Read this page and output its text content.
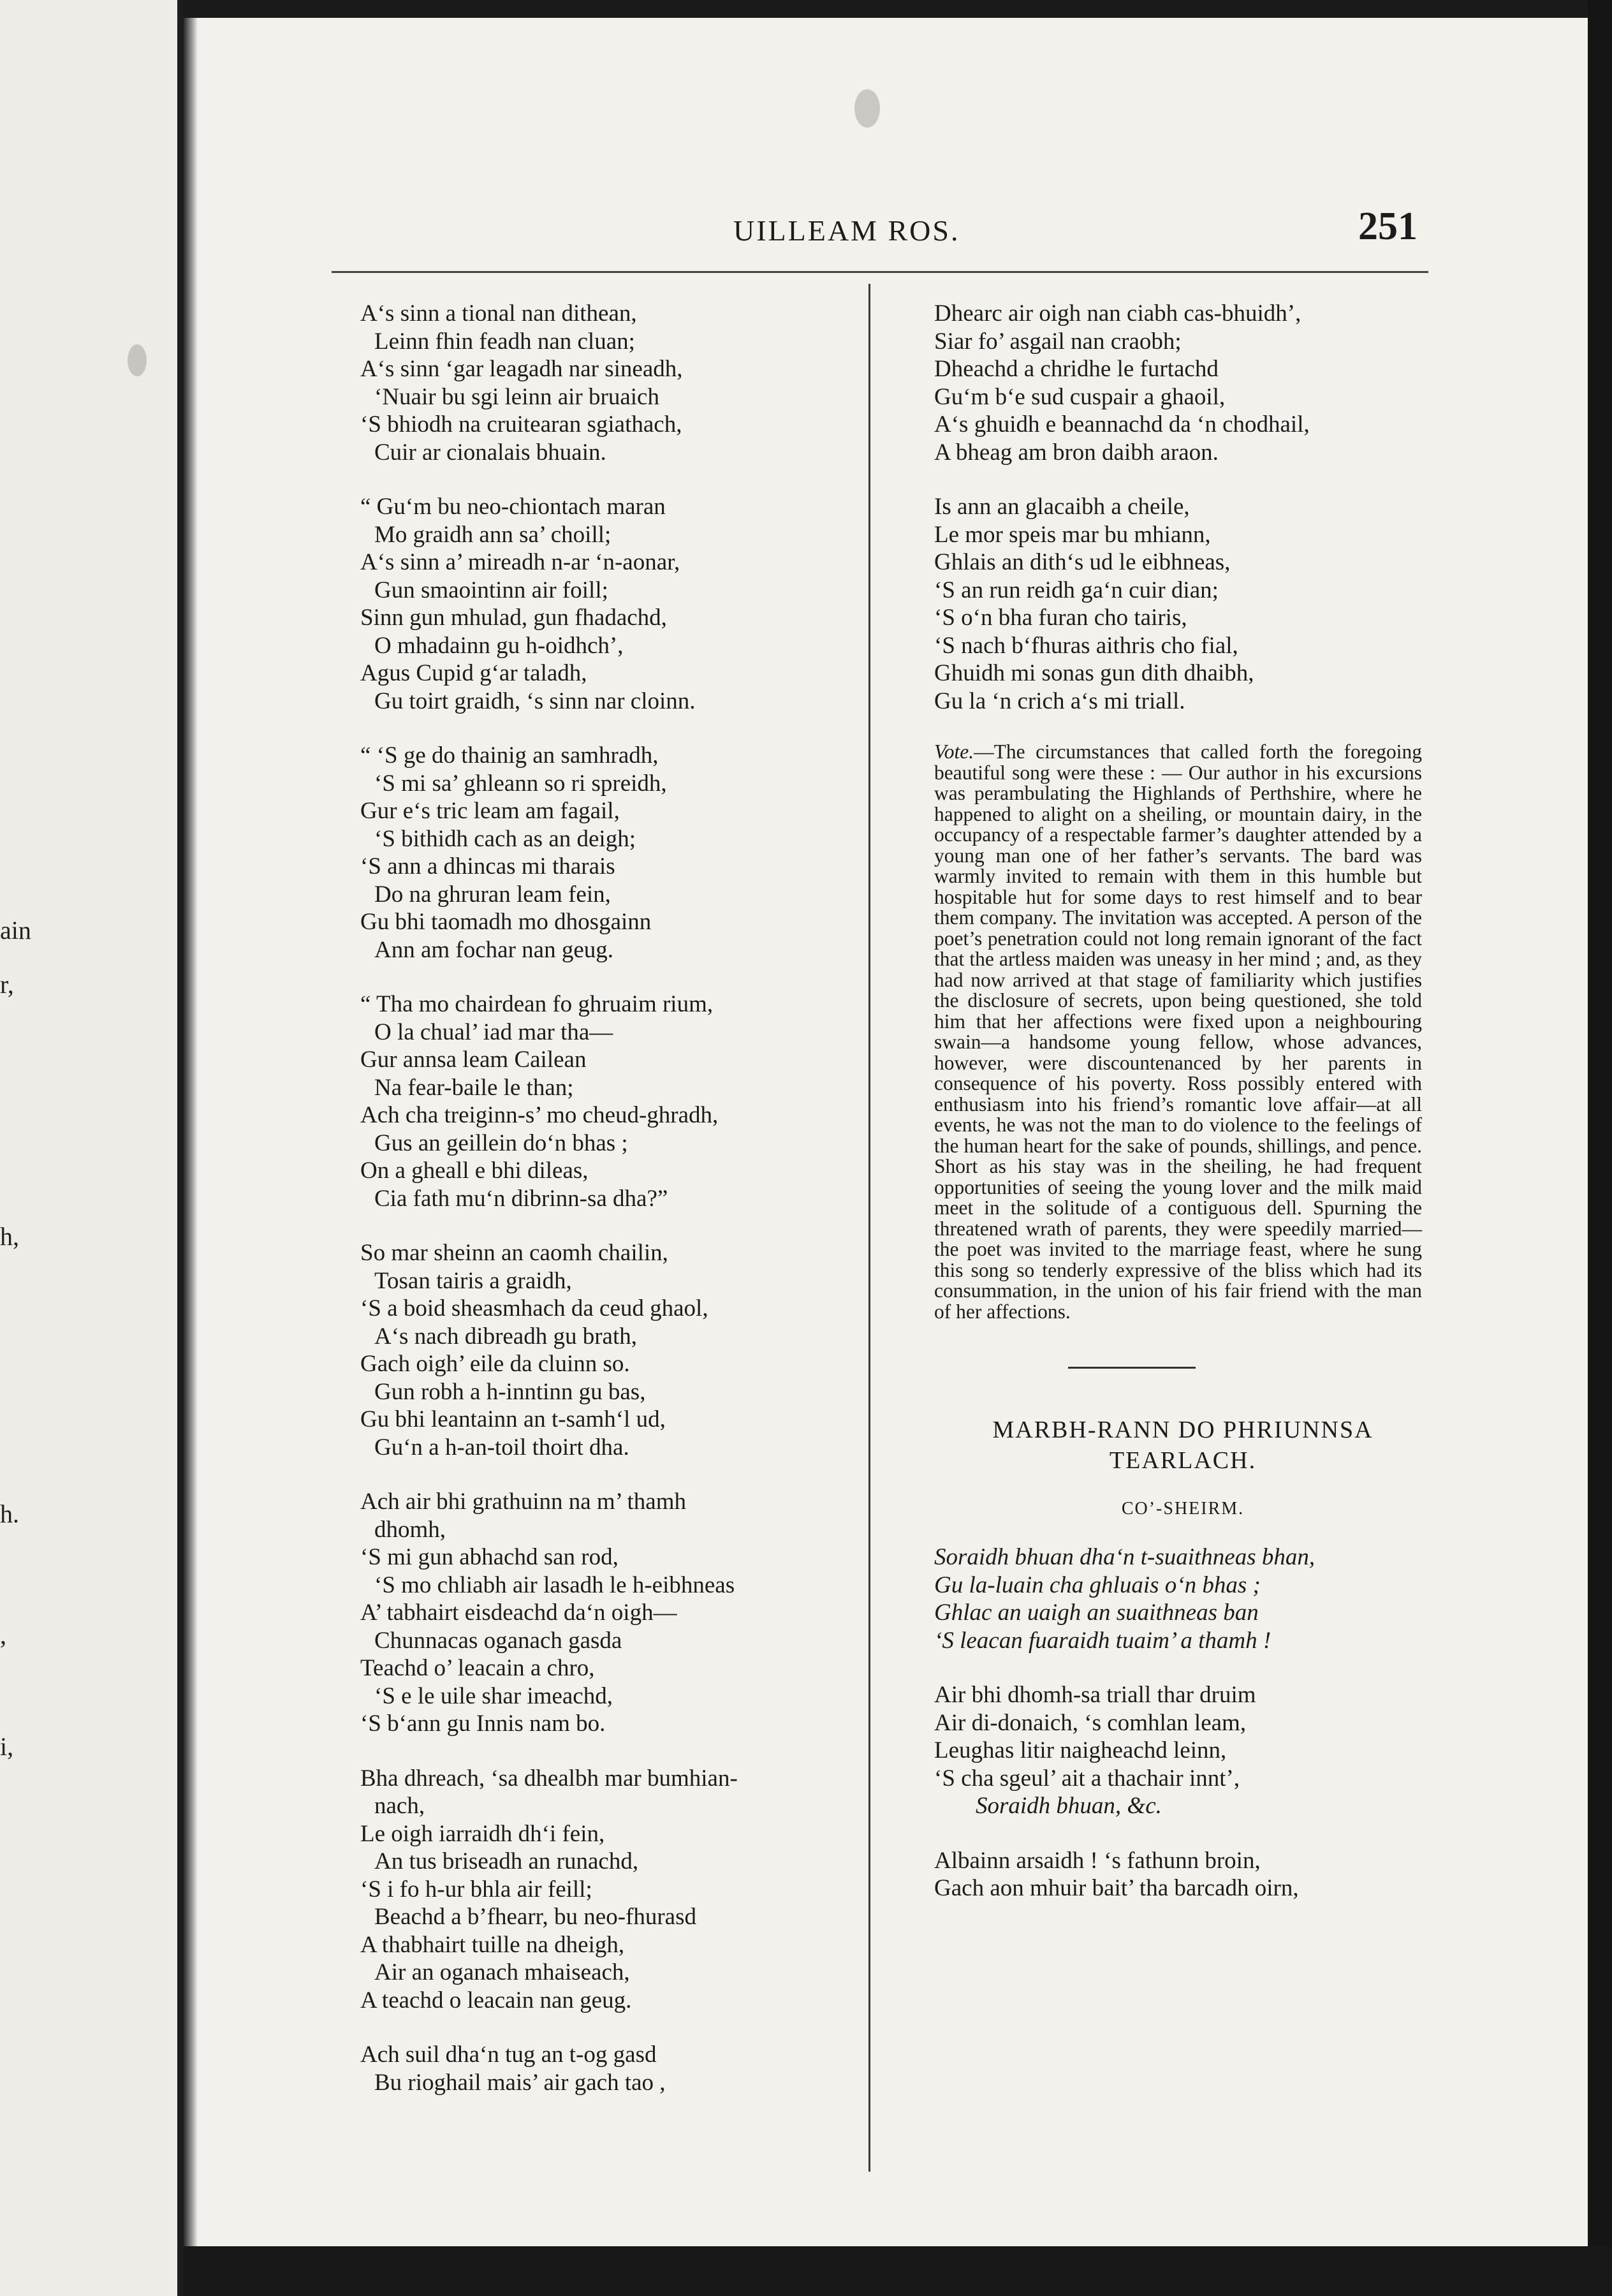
ain
r,
h,
h.
,
i,
UILLEAM ROS.	251
A‘s sinn a tional nan dithean,
Leinn fhin feadh nan cluan;
A‘s sinn ‘gar leagadh nar sineadh,
‘Nuair bu sgi leinn air bruaich
‘S bhiodh na cruitearan sgiathach,
Cuir ar cionalais bhuain.
“ Gu‘m bu neo-chiontach maran
Mo graidh ann sa’ choill;
A‘s sinn a’ mireadh n-ar ‘n-aonar,
Gun smaointinn air foill;
Sinn gun mhulad, gun fhadachd,
O mhadainn gu h-oidhch’,
Agus Cupid g‘ar taladh,
Gu toirt graidh, ‘s sinn nar cloinn.
“ ‘S ge do thainig an samhradh,
‘S mi sa’ ghleann so ri spreidh,
Gur e‘s tric leam am fagail,
‘S bithidh cach as an deigh;
‘S ann a dhincas mi tharais
Do na ghruran leam fein,
Gu bhi taomadh mo dhosgainn
Ann am fochar nan geug.
“ Tha mo chairdean fo ghruaim rium,
O la chual’ iad mar tha—
Gur annsa leam Cailean
Na fear-baile le than;
Ach cha treiginn-s’ mo cheud-ghradh,
Gus an geillein do‘n bhas ;
On a gheall e bhi dileas,
Cia fath mu‘n dibrinn-sa dha?”
So mar sheinn an caomh chailin,
Tosan tairis a graidh,
‘S a boid sheasmhach da ceud ghaol,
A‘s nach dibreadh gu brath,
Gach oigh’ eile da cluinn so.
Gun robh a h-inntinn gu bas,
Gu bhi leantainn an t-samh‘l ud,
Gu‘n a h-an-toil thoirt dha.
Ach air bhi grathuinn na m’ thamh
dhomh,
‘S mi gun abhachd san rod,
‘S mo chliabh air lasadh le h-eibhneas
A’ tabhairt eisdeachd da‘n oigh—
Chunnacas oganach gasda
Teachd o’ leacain a chro,
‘S e le uile shar imeachd,
‘S b‘ann gu Innis nam bo.
Bha dhreach, ‘sa dhealbh mar bumhian-
nach,
Le oigh iarraidh dh‘i fein,
An tus briseadh an runachd,
‘S i fo h-ur bhla air feill;
Beachd a b’fhearr, bu neo-fhurasd
A thabhairt tuille na dheigh,
Air an oganach mhaiseach,
A teachd o leacain nan geug.
Ach suil dha‘n tug an t-og gasd
Bu rioghail mais’ air gach tao ,
Dhearc air oigh nan ciabh cas-bhuidh’,
Siar fo’ asgail nan craobh;
Dheachd a chridhe le furtachd
Gu‘m b‘e sud cuspair a ghaoil,
A‘s ghuidh e beannachd da ‘n chodhail,
A bheag am bron daibh araon.
Is ann an glacaibh a cheile,
Le mor speis mar bu mhiann,
Ghlais an dith‘s ud le eibhneas,
‘S an run reidh ga‘n cuir dian;
‘S o‘n bha furan cho tairis,
‘S nach b‘fhuras aithris cho fial,
Ghuidh mi sonas gun dith dhaibh,
Gu la ‘n crich a‘s mi triall.
Vote.—The circumstances that called forth the foregoing beautiful song were these : — Our author in his excursions was perambulating the Highlands of Perthshire, where he happened to alight on a sheiling, or mountain dairy, in the occupancy of a respectable farmer’s daughter attended by a young man one of her father’s servants. The bard was warmly invited to remain with them in this humble but hospitable hut for some days to rest himself and to bear them company. The invitation was accepted. A person of the poet’s penetration could not long remain ignorant of the fact that the artless maiden was uneasy in her mind ; and, as they had now arrived at that stage of familiarity which justifies the disclosure of secrets, upon being questioned, she told him that her affections were fixed upon a neighbouring swain—a handsome young fellow, whose advances, however, were discountenanced by her parents in consequence of his poverty. Ross possibly entered with enthusiasm into his friend’s romantic love affair—at all events, he was not the man to do violence to the feelings of the human heart for the sake of pounds, shillings, and pence. Short as his stay was in the sheiling, he had frequent opportunities of seeing the young lover and the milk maid meet in the solitude of a contiguous dell. Spurning the threatened wrath of parents, they were speedily married—the poet was invited to the marriage feast, where he sung this song so tenderly expressive of the bliss which had its consummation, in the union of his fair friend with the man of her affections.
MARBH-RANN DO PHRIUNNSA
TEARLACH.
CO’-SHEIRM.
Soraidh bhuan dha‘n t-suaithneas bhan,
Gu la-luain cha ghluais o‘n bhas ;
Ghlac an uaigh an suaithneas ban
‘S leacan fuaraidh tuaim’ a thamh !
Air bhi dhomh-sa triall thar druim
Air di-donaich, ‘s comhlan leam,
Leughas litir naigheachd leinn,
‘S cha sgeul’ ait a thachair innt’,
Soraidh bhuan, &c.
Albainn arsaidh ! ‘s fathunn broin,
Gach aon mhuir bait’ tha barcadh oirn,
